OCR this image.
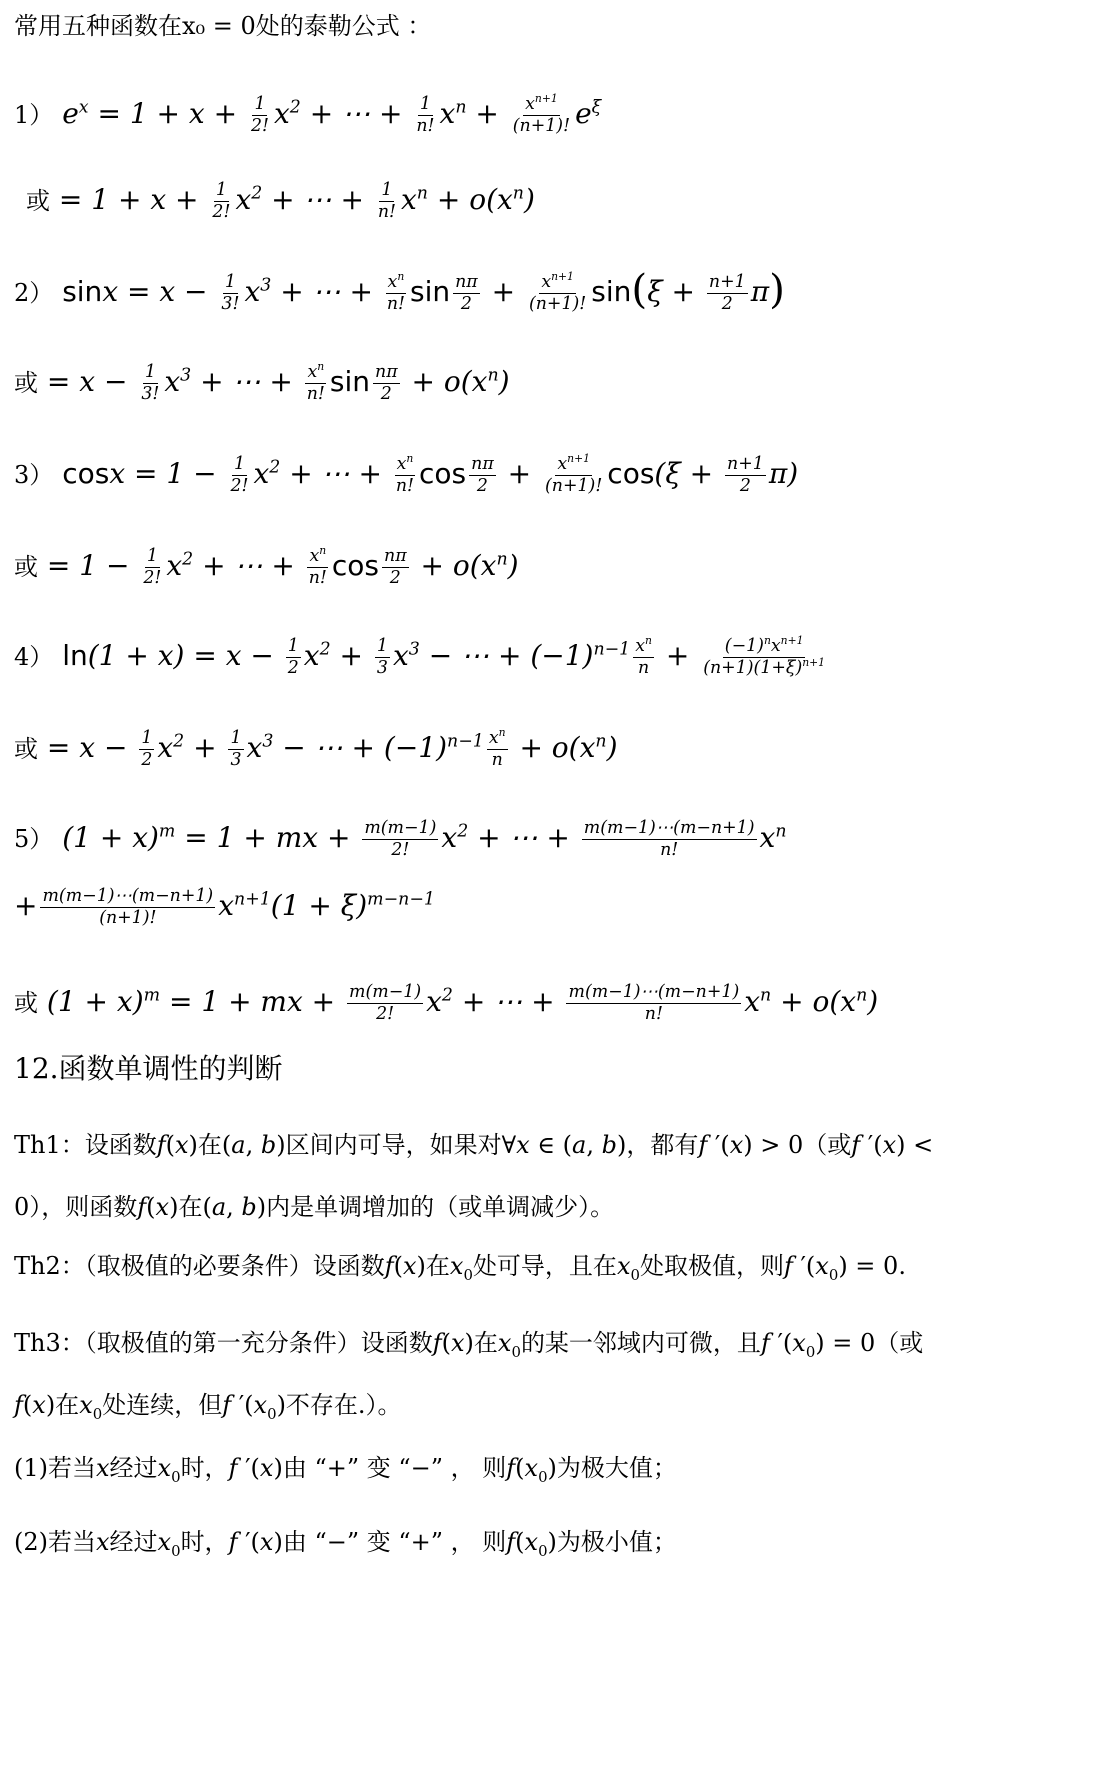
常用五种函数在x₀ = 0处的泰勒公式 ：
1） $e^x = 1 + x + \frac{1}{2!} x^2$ + ⋯ + $\frac{1}{n!} x^n + \frac{x^{n+1}}{(n+1)!} e^\xi$
或 = $1 + x + \frac{1}{2!} x^2$ + ⋯ + $\frac{1}{n!} x^n + o(x^n)$
2） $\sin x = x - \frac{1}{3!} x^3$ + ⋯ + $\frac{x^n}{n!}$ $\sin \frac{n\pi}{2} + \frac{x^{n+1}}{(n+1)!} \sin(\xi + \frac{n+1}{2} \pi)$
或 = $x - \frac{1}{3!} x^3$ + ⋯ + $\frac{x^n}{n!}$ $\sin \frac{n\pi}{2} + o(x^n)$
3） $\cos x = 1 - \frac{1}{2!} x^2$ + ⋯ + $\frac{x^n}{n!}$ $\cos \frac{n\pi}{2} + \frac{x^{n+1}}{(n+1)!} \cos(\xi + \frac{n+1}{2} \pi)$
或 = $1 - \frac{1}{2!} x^2$ + ⋯ + $\frac{x^n}{n!}$ $\cos \frac{n\pi}{2} + o(x^n)$
4） $\ln(1 + x) = x - \frac{1}{2} x^2 + \frac{1}{3} x^3$ − ⋯ + $(-1)^{n-1} \frac{x^n}{n} + \frac{(-1)^nx^{n+1}}{(n+1)(1+\xi)^{n+1}}$
或 = $x - \frac{1}{2} x^2 + \frac{1}{3} x^3$ − ⋯ + $(-1)^{n-1} \frac{x^n}{n} + o(x^n)$
5） $(1 + x)^m = 1$ + mx + $\frac{m(m-1)}{2!} x^2$ + ⋯ + $\frac{m(m-1)\cdots(m-n+1)}{n!} x^n$
+ $\frac{m(m-1)\cdots(m-n+1)}{(n+1)!} x^{n+1}(1 + \xi)^{m-n-1}$
或 $(1 + x)^m = 1$ + mx + $\frac{m(m-1)}{2!} x^2$ + ⋯ + $\frac{m(m-1)\cdots(m-n+1)}{n!} x^n + o(x^n)$
12.函数单调性的判断
Th1：设函数f(x)在(a, b)区间内可导，如果对∀x ∈ (a, b)，都有f ′(x) > 0（或f ′(x) <
0），则函数f(x)在(a, b)内是单调增加的（或单调减少）。
Th2：（取极值的必要条件）设函数f(x)在$x_0$处可导，且在$x_0$处取极值，则f $'(x_0) = 0$.
Th3：（取极值的第一充分条件）设函数f(x)在$x_0$的某一邻域内可微，且f $'(x_0) = 0$（或
f(x)在$x_0$处连续，但f $'(x_0)$不存在.）。
(1)若当x经过$x_0$时，f ′(x)由 “+” 变 “−” ， 则$f(x_0)$为极大值；
(2)若当x经过$x_0$时，f ′(x)由 “−” 变 “+” ， 则$f(x_0)$为极小值；
